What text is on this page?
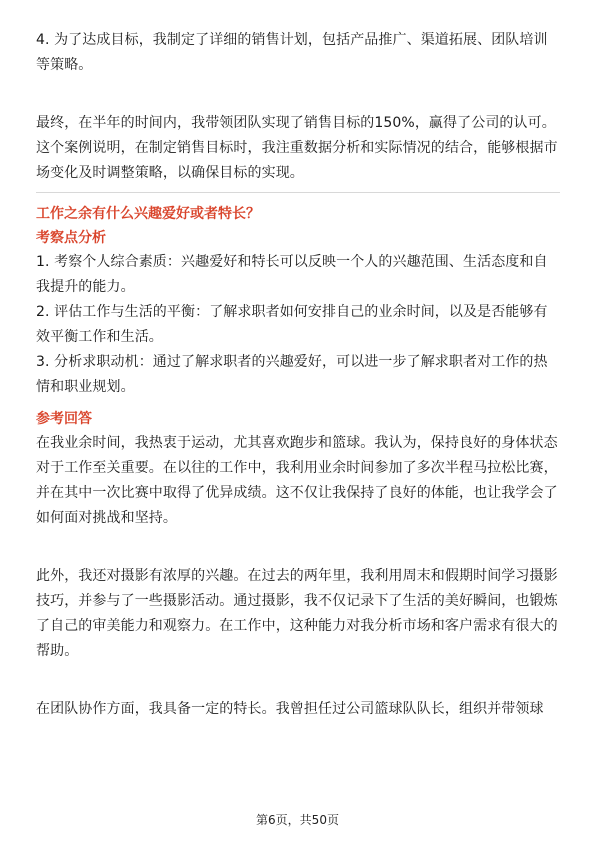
4. 为了达成目标，我制定了详细的销售计划，包括产品推广、渠道拓展、团队培训等策略。

最终，在半年的时间内，我带领团队实现了销售目标的150%，赢得了公司的认可。这个案例说明，在制定销售目标时，我注重数据分析和实际情况的结合，能够根据市场变化及时调整策略，以确保目标的实现。

工作之余有什么兴趣爱好或者特长？
考察点分析

1. 考察个人综合素质：兴趣爱好和特长可以反映一个人的兴趣范围、生活态度和自我提升的能力。

2. 评估工作与生活的平衡：了解求职者如何安排自己的业余时间，以及是否能够有效平衡工作和生活。

3. 分析求职动机：通过了解求职者的兴趣爱好，可以进一步了解求职者对工作的热情和职业规划。

参考回答

在我业余时间，我热衷于运动，尤其喜欢跑步和篮球。我认为，保持良好的身体状态对于工作至关重要。在以往的工作中，我利用业余时间参加了多次半程马拉松比赛，并在其中一次比赛中取得了优异成绩。这不仅让我保持了良好的体能，也让我学会了如何面对挑战和坚持。

此外，我还对摄影有浓厚的兴趣。在过去的两年里，我利用周末和假期时间学习摄影技巧，并参与了一些摄影活动。通过摄影，我不仅记录下了生活的美好瞬间，也锻炼了自己的审美能力和观察力。在工作中，这种能力对我分析市场和客户需求有很大的帮助。

在团队协作方面，我具备一定的特长。我曾担任过公司篮球队队长，组织并带领球

第6页，共50页
